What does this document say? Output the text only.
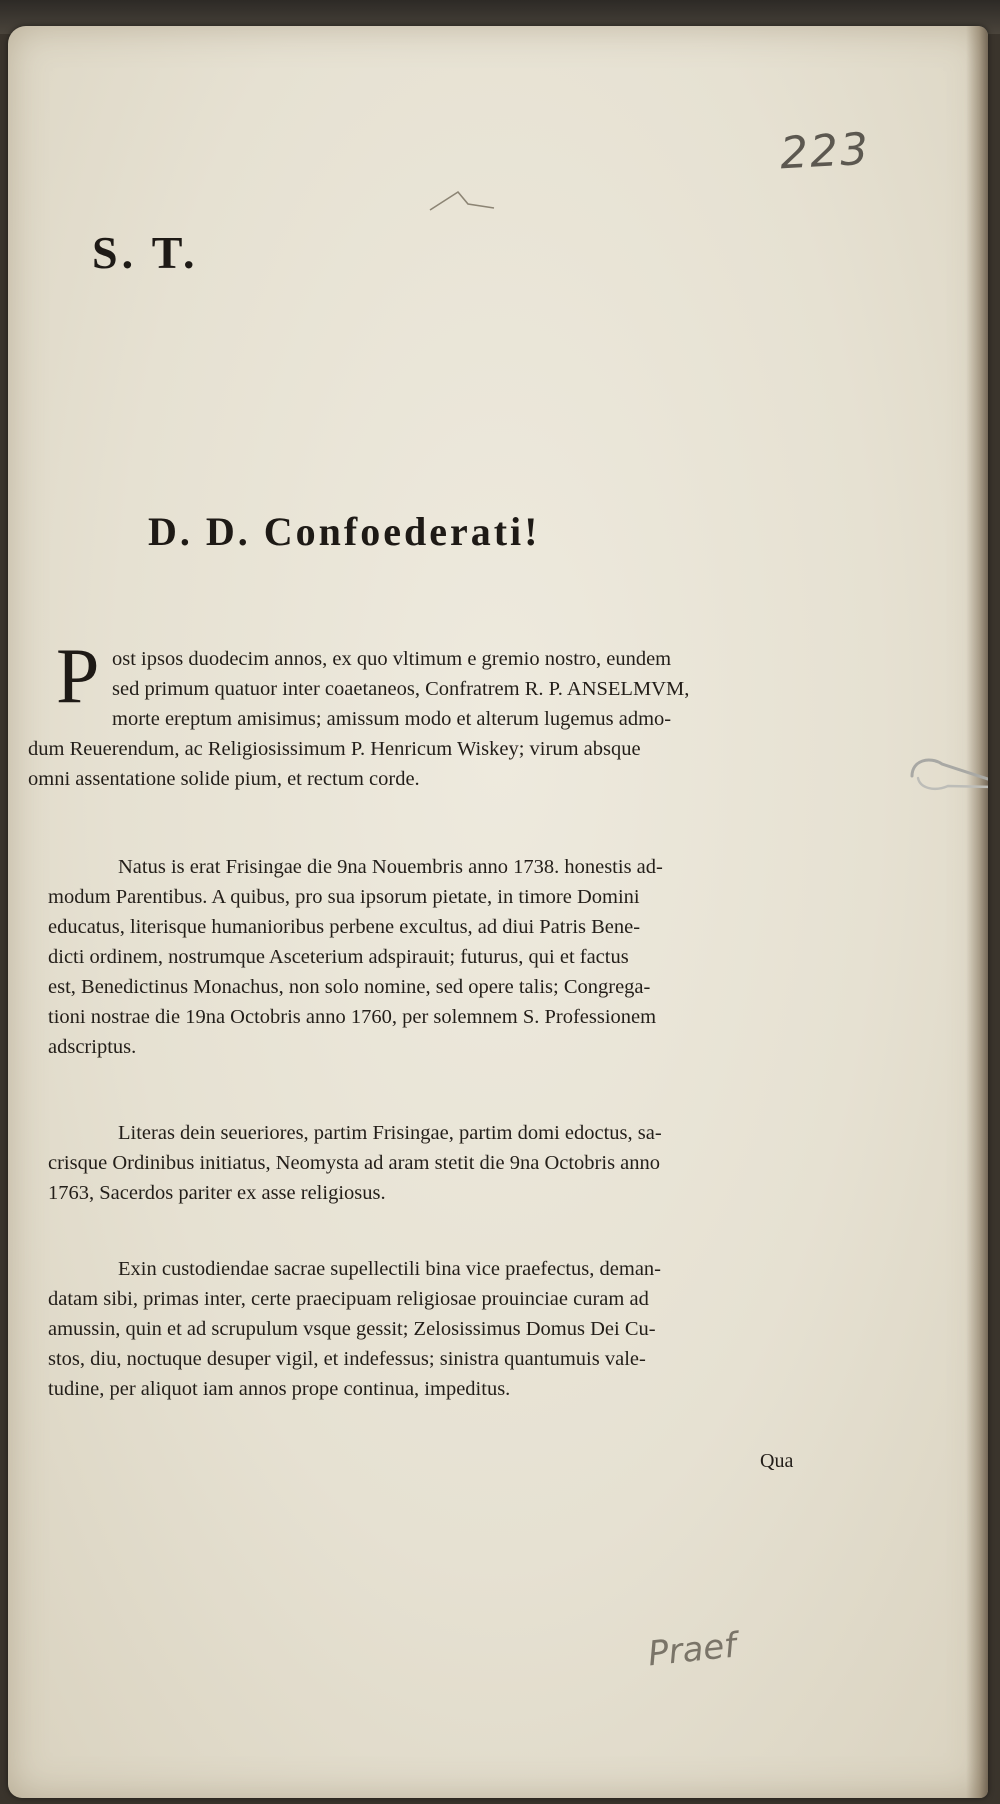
223
S. T.
D. D. Confoederati!
P ost ipsos duodecim annos, ex quo vltimum e gremio nostro, eundem
sed primum quatuor inter coaetaneos, Confratrem R. P. ANSELMVM,
morte ereptum amisimus; amissum modo et alterum lugemus admo-
dum Reuerendum, ac Religiosissimum P. Henricum Wiskey; virum absque
omni assentatione solide pium, et rectum corde.
Natus is erat Frisingae die 9na Nouembris anno 1738. honestis ad-
modum Parentibus. A quibus, pro sua ipsorum pietate, in timore Domini
educatus, literisque humanioribus perbene excultus, ad diui Patris Bene-
dicti ordinem, nostrumque Asceterium adspirauit; futurus, qui et factus
est, Benedictinus Monachus, non solo nomine, sed opere talis; Congrega-
tioni nostrae die 19na Octobris anno 1760, per solemnem S. Professionem
adscriptus.
Literas dein seueriores, partim Frisingae, partim domi edoctus, sa-
crisque Ordinibus initiatus, Neomysta ad aram stetit die 9na Octobris anno
1763, Sacerdos pariter ex asse religiosus.
Exin custodiendae sacrae supellectili bina vice praefectus, deman-
datam sibi, primas inter, certe praecipuam religiosae prouinciae curam ad
amussin, quin et ad scrupulum vsque gessit; Zelosissimus Domus Dei Cu-
stos, diu, noctuque desuper vigil, et indefessus; sinistra quantumuis vale-
tudine, per aliquot iam annos prope continua, impeditus.
Qua
Praef
